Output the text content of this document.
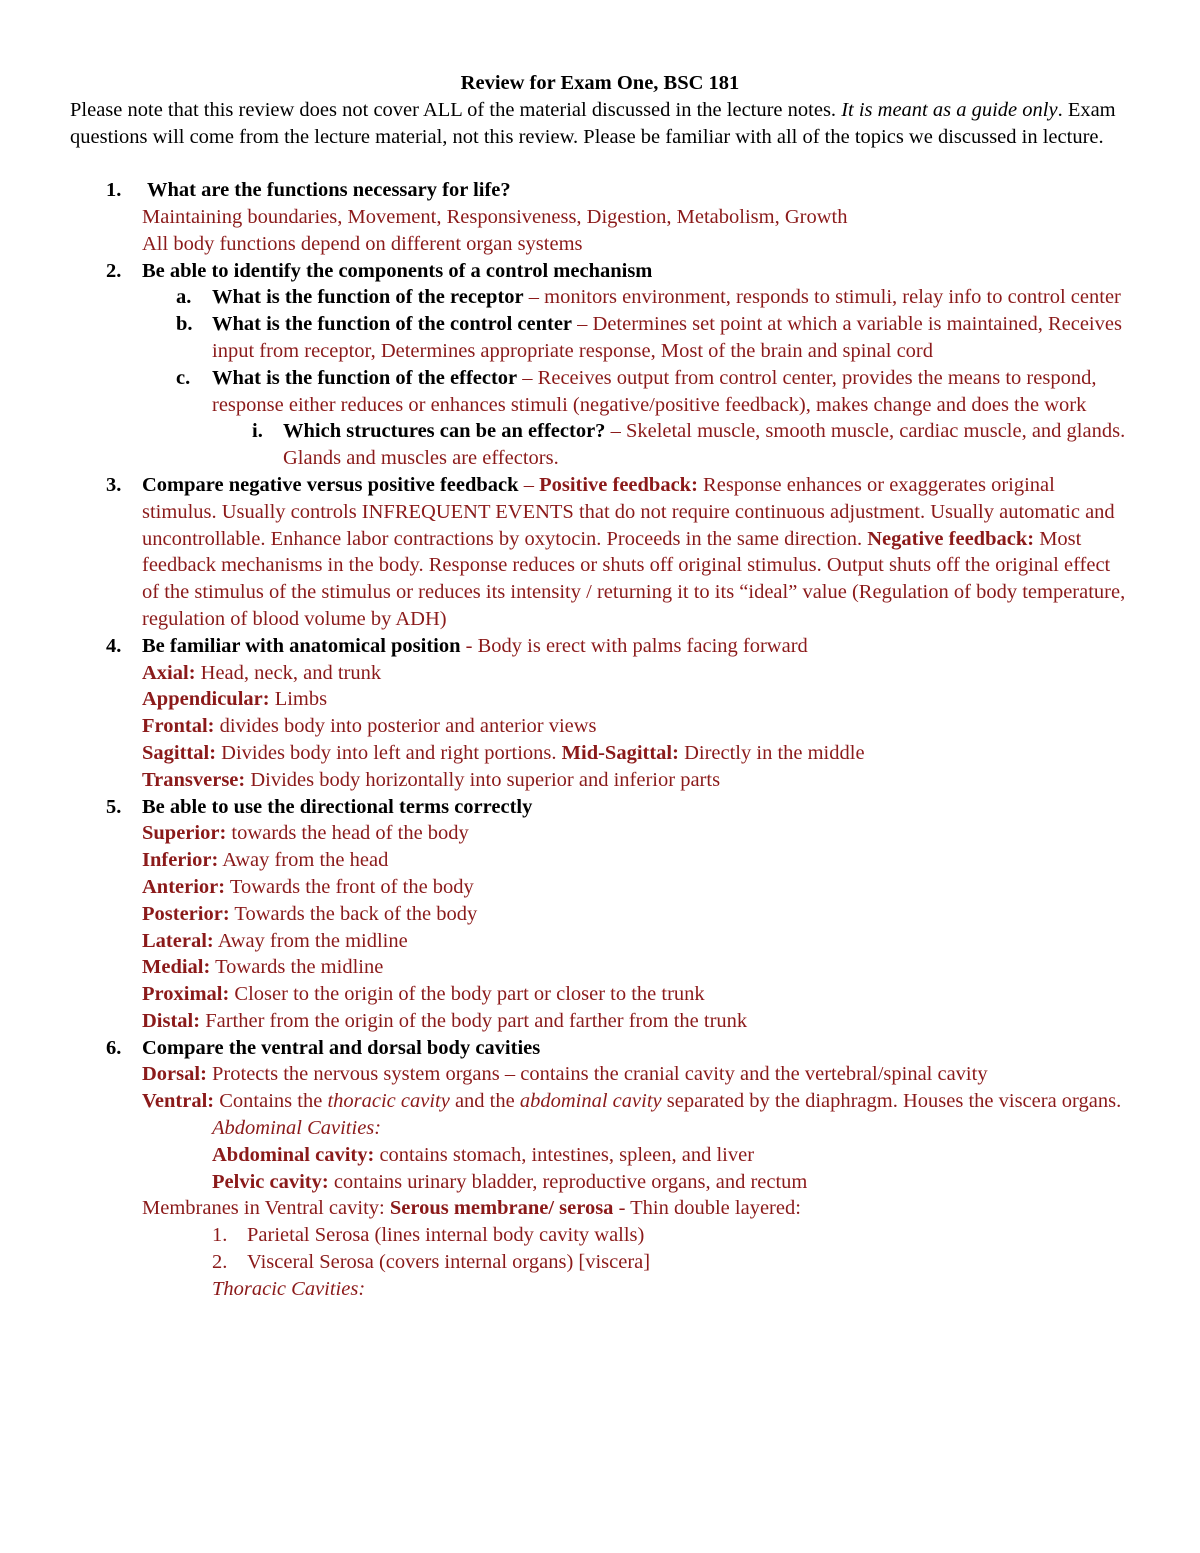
Review for Exam One, BSC 181
Please note that this review does not cover ALL of the material discussed in the lecture notes. It is meant as a guide only. Exam questions will come from the lecture material, not this review. Please be familiar with all of the topics we discussed in lecture.
1. What are the functions necessary for life?
Maintaining boundaries, Movement, Responsiveness, Digestion, Metabolism, Growth
All body functions depend on different organ systems
2. Be able to identify the components of a control mechanism
a. What is the function of the receptor – monitors environment, responds to stimuli, relay info to control center
b. What is the function of the control center – Determines set point at which a variable is maintained, Receives input from receptor, Determines appropriate response, Most of the brain and spinal cord
c. What is the function of the effector – Receives output from control center, provides the means to respond, response either reduces or enhances stimuli (negative/positive feedback), makes change and does the work
i. Which structures can be an effector? – Skeletal muscle, smooth muscle, cardiac muscle, and glands. Glands and muscles are effectors.
3. Compare negative versus positive feedback – Positive feedback: Response enhances or exaggerates original stimulus. Usually controls INFREQUENT EVENTS that do not require continuous adjustment. Usually automatic and uncontrollable. Enhance labor contractions by oxytocin. Proceeds in the same direction. Negative feedback: Most feedback mechanisms in the body. Response reduces or shuts off original stimulus. Output shuts off the original effect of the stimulus of the stimulus or reduces its intensity / returning it to its “ideal” value (Regulation of body temperature, regulation of blood volume by ADH)
4. Be familiar with anatomical position - Body is erect with palms facing forward
Axial: Head, neck, and trunk
Appendicular: Limbs
Frontal: divides body into posterior and anterior views
Sagittal: Divides body into left and right portions. Mid-Sagittal: Directly in the middle
Transverse: Divides body horizontally into superior and inferior parts
5. Be able to use the directional terms correctly
Superior: towards the head of the body
Inferior: Away from the head
Anterior: Towards the front of the body
Posterior: Towards the back of the body
Lateral: Away from the midline
Medial: Towards the midline
Proximal: Closer to the origin of the body part or closer to the trunk
Distal: Farther from the origin of the body part and farther from the trunk
6. Compare the ventral and dorsal body cavities
Dorsal: Protects the nervous system organs – contains the cranial cavity and the vertebral/spinal cavity
Ventral: Contains the thoracic cavity and the abdominal cavity separated by the diaphragm. Houses the viscera organs.
Abdominal Cavities:
Abdominal cavity: contains stomach, intestines, spleen, and liver
Pelvic cavity: contains urinary bladder, reproductive organs, and rectum
Membranes in Ventral cavity: Serous membrane/ serosa - Thin double layered:
1. Parietal Serosa (lines internal body cavity walls)
2. Visceral Serosa (covers internal organs) [viscera]
Thoracic Cavities:
